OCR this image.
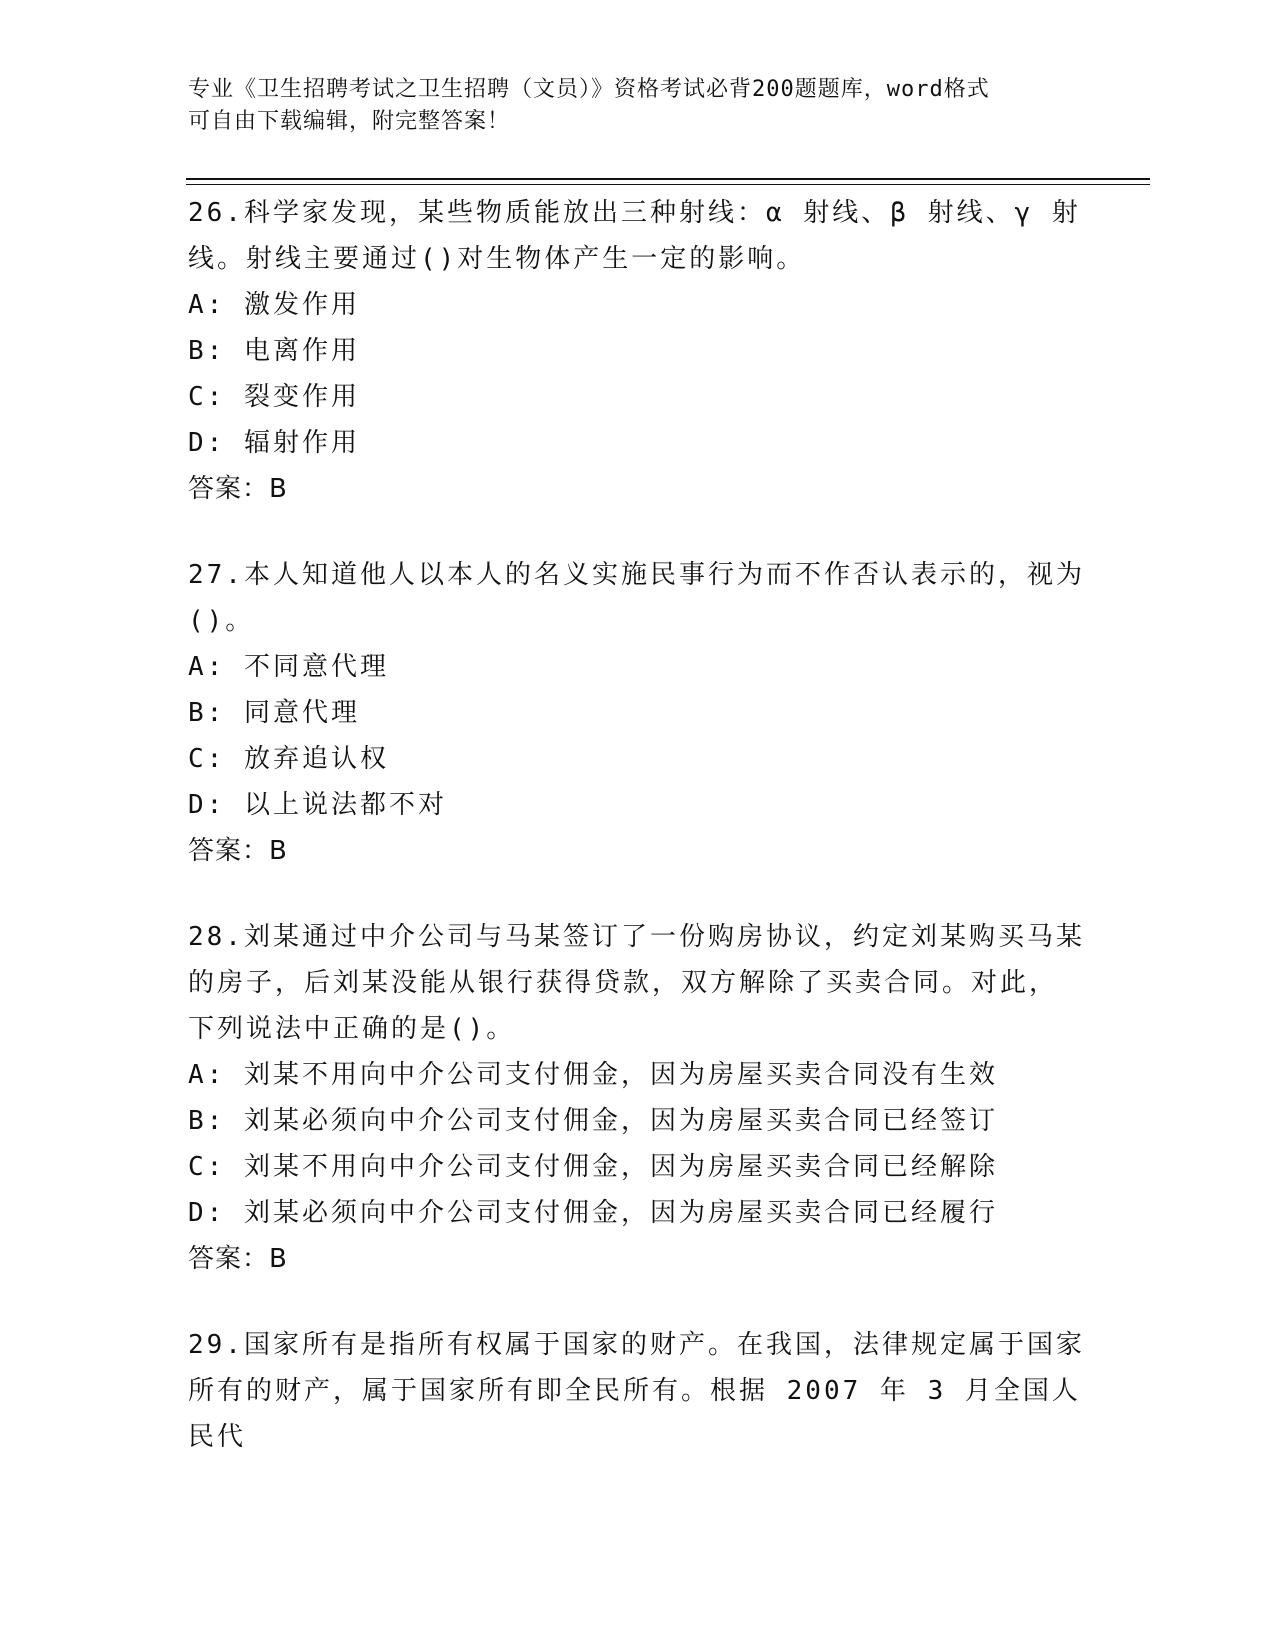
专业《卫生招聘考试之卫生招聘（文员）》资格考试必背200题题库，word格式
可自由下载编辑，附完整答案！
26.科学家发现，某些物质能放出三种射线：α 射线、β 射线、γ 射
线。射线主要通过()对生物体产生一定的影响。
A: 激发作用
B: 电离作用
C: 裂变作用
D: 辐射作用
答案：B
27.本人知道他人以本人的名义实施民事行为而不作否认表示的，视为
()。
A: 不同意代理
B: 同意代理
C: 放弃追认权
D: 以上说法都不对
答案：B
28.刘某通过中介公司与马某签订了一份购房协议，约定刘某购买马某
的房子，后刘某没能从银行获得贷款，双方解除了买卖合同。对此，
下列说法中正确的是()。
A: 刘某不用向中介公司支付佣金，因为房屋买卖合同没有生效
B: 刘某必须向中介公司支付佣金，因为房屋买卖合同已经签订
C: 刘某不用向中介公司支付佣金，因为房屋买卖合同已经解除
D: 刘某必须向中介公司支付佣金，因为房屋买卖合同已经履行
答案：B
29.国家所有是指所有权属于国家的财产。在我国，法律规定属于国家
所有的财产，属于国家所有即全民所有。根据 2007 年 3 月全国人民代
